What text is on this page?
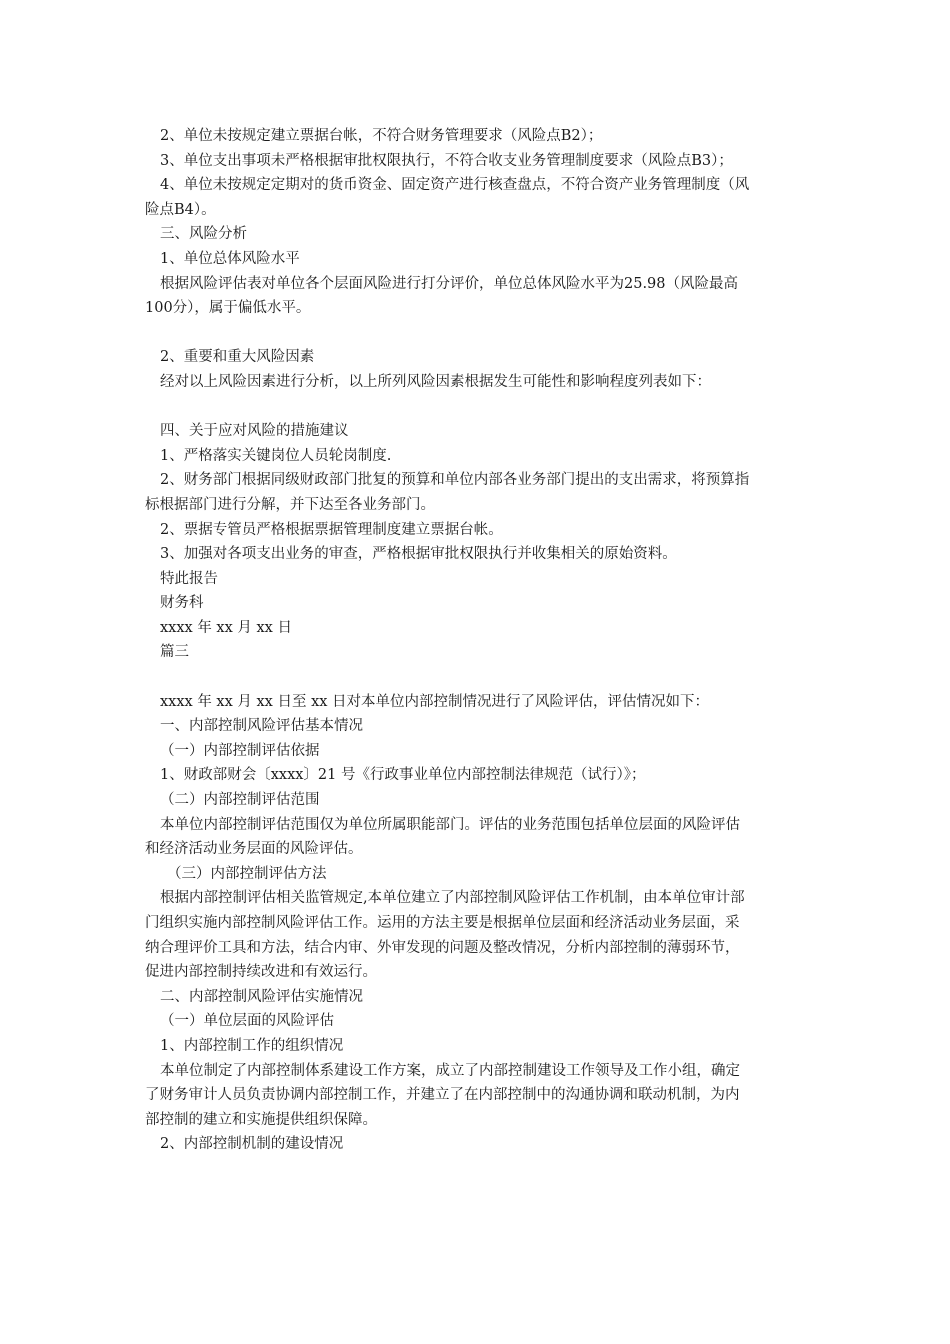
2、单位未按规定建立票据台帐，不符合财务管理要求（风险点B2）；
3、单位支出事项未严格根据审批权限执行，不符合收支业务管理制度要求（风险点B3）；
4、单位未按规定定期对的货币资金、固定资产进行核查盘点，不符合资产业务管理制度（风
险点B4）。
三、风险分析
1、单位总体风险水平
根据风险评估表对单位各个层面风险进行打分评价，单位总体风险水平为25.98（风险最高
100分），属于偏低水平。
2、重要和重大风险因素
经对以上风险因素进行分析，以上所列风险因素根据发生可能性和影响程度列表如下：
四、关于应对风险的措施建议
1、严格落实关键岗位人员轮岗制度.
2、财务部门根据同级财政部门批复的预算和单位内部各业务部门提出的支出需求，将预算指
标根据部门进行分解，并下达至各业务部门。
2、票据专管员严格根据票据管理制度建立票据台帐。
3、加强对各项支出业务的审查，严格根据审批权限执行并收集相关的原始资料。
特此报告
财务科
xxxx 年 xx 月 xx 日
篇三
xxxx 年 xx 月 xx 日至 xx 日对本单位内部控制情况进行了风险评估，评估情况如下：
一、内部控制风险评估基本情况
（一）内部控制评估依据
1、财政部财会〔xxxx〕21 号《行政事业单位内部控制法律规范（试行）》；
（二）内部控制评估范围
本单位内部控制评估范围仅为单位所属职能部门。评估的业务范围包括单位层面的风险评估
和经济活动业务层面的风险评估。
（三）内部控制评估方法
根据内部控制评估相关监管规定,本单位建立了内部控制风险评估工作机制，由本单位审计部
门组织实施内部控制风险评估工作。运用的方法主要是根据单位层面和经济活动业务层面，采
纳合理评价工具和方法，结合内审、外审发现的问题及整改情况，分析内部控制的薄弱环节，
促进内部控制持续改进和有效运行。
二、内部控制风险评估实施情况
（一）单位层面的风险评估
1、内部控制工作的组织情况
本单位制定了内部控制体系建设工作方案，成立了内部控制建设工作领导及工作小组，确定
了财务审计人员负责协调内部控制工作，并建立了在内部控制中的沟通协调和联动机制，为内
部控制的建立和实施提供组织保障。
2、内部控制机制的建设情况
